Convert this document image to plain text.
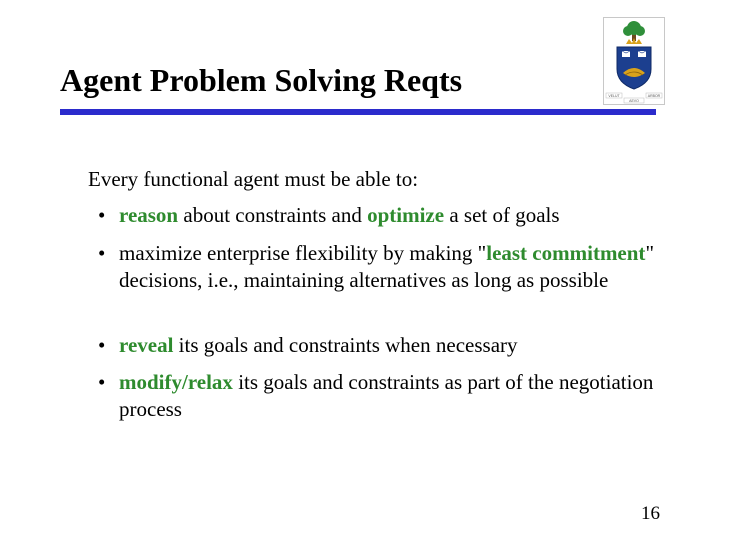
Agent Problem Solving Reqts	VELUT	ARBOR
AEVO
Every functional agent must be able to:
• reason about constraints and optimize a set of goals
• maximize enterprise flexibility by making "least commitment" decisions, i.e., maintaining alternatives as long as possible
• reveal its goals and constraints when necessary
• modify/relax its goals and constraints as part of the negotiation process
16
